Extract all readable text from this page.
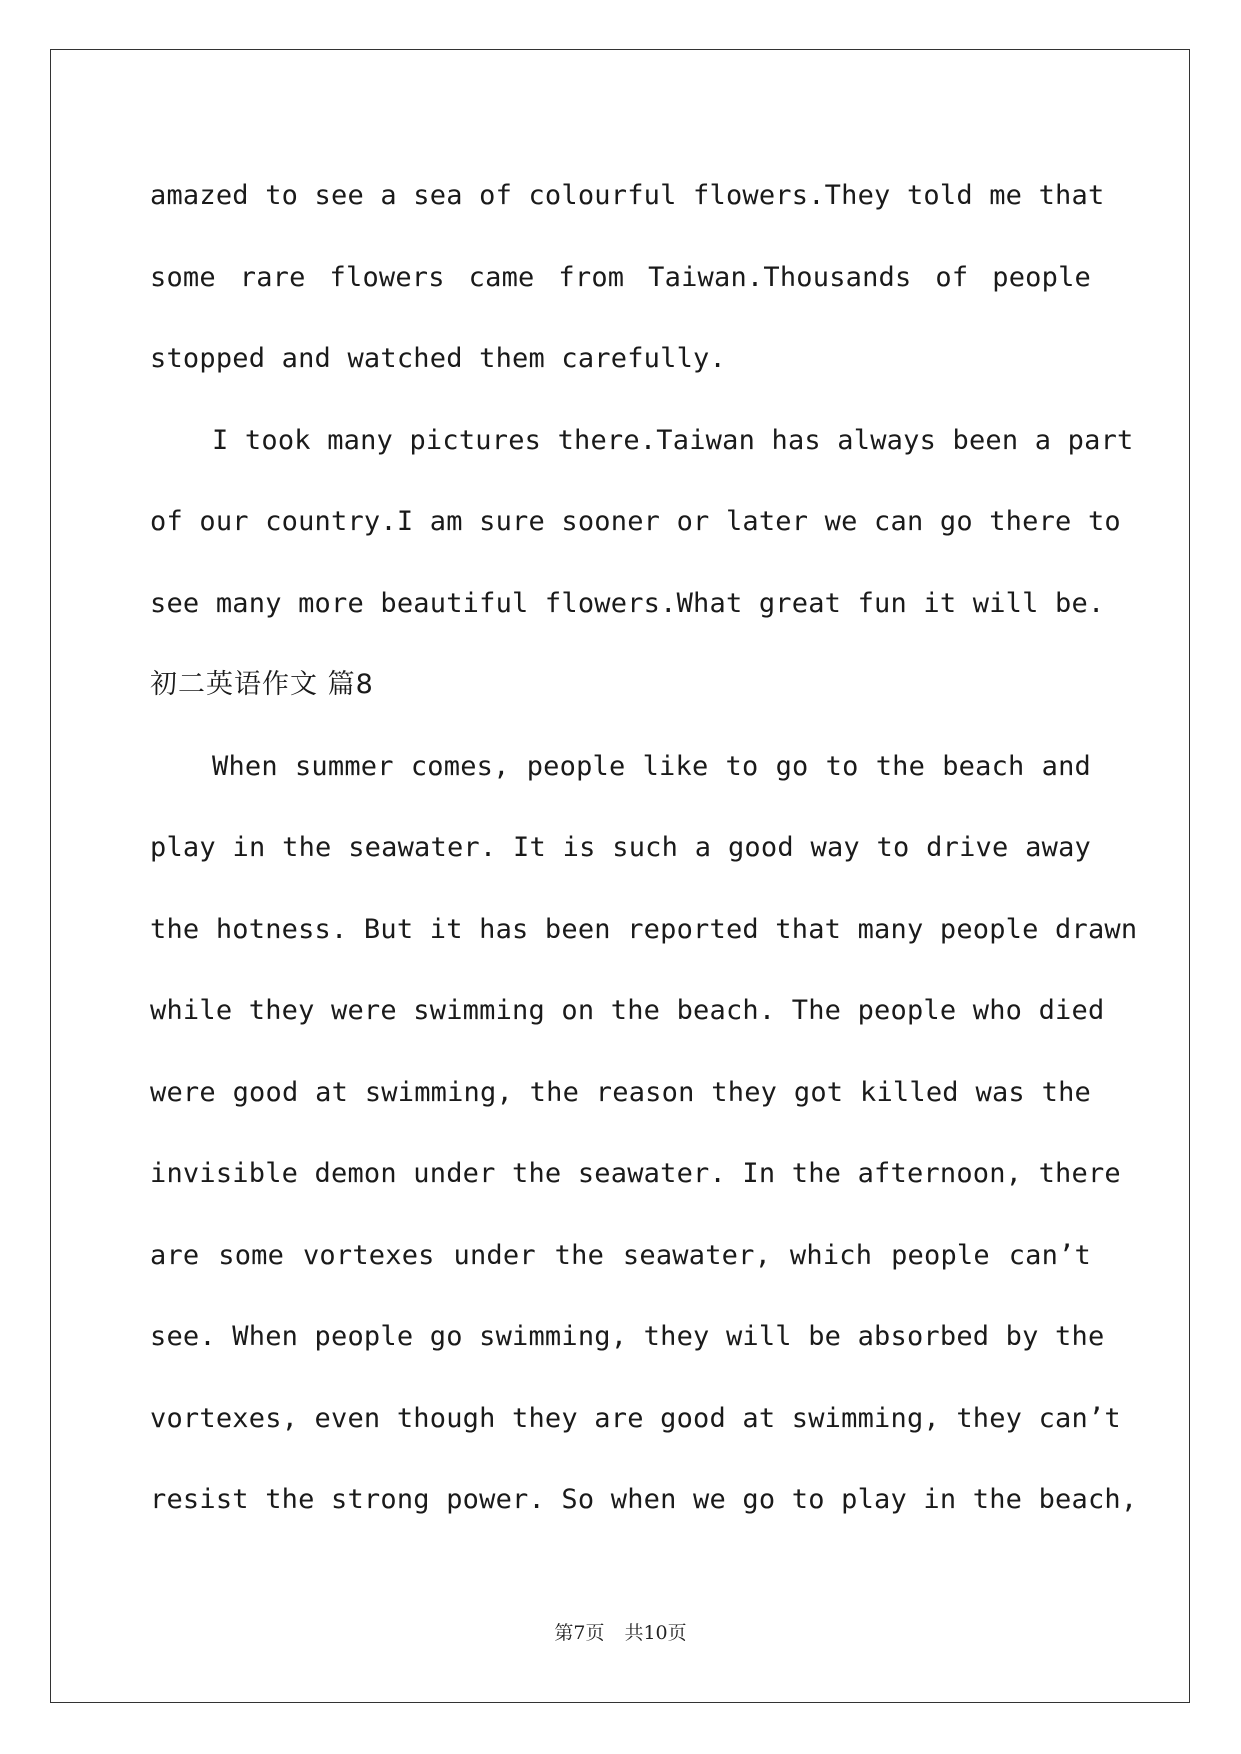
amazed to see a sea of colourful flowers.They told me that
some rare flowers came from Taiwan.Thousands of people
stopped and watched them carefully.
I took many pictures there.Taiwan has always been a part
of our country.I am sure sooner or later we can go there to
see many more beautiful flowers.What great fun it will be.
初二英语作文 篇8
When summer comes, people like to go to the beach and
play in the seawater. It is such a good way to drive away
the hotness. But it has been reported that many people drawn
while they were swimming on the beach. The people who died
were good at swimming, the reason they got killed was the
invisible demon under the seawater. In the afternoon, there
are some vortexes under the seawater, which people can’t
see. When people go swimming, they will be absorbed by the
vortexes, even though they are good at swimming, they can’t
resist the strong power. So when we go to play in the beach,
第7页 共10页
